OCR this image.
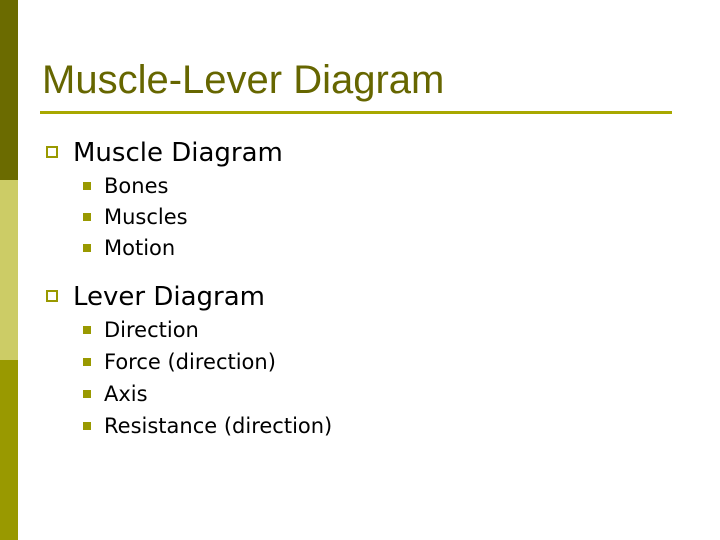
Muscle-Lever Diagram
Muscle Diagram
Bones
Muscles
Motion
Lever Diagram
Direction
Force (direction)
Axis
Resistance (direction)
